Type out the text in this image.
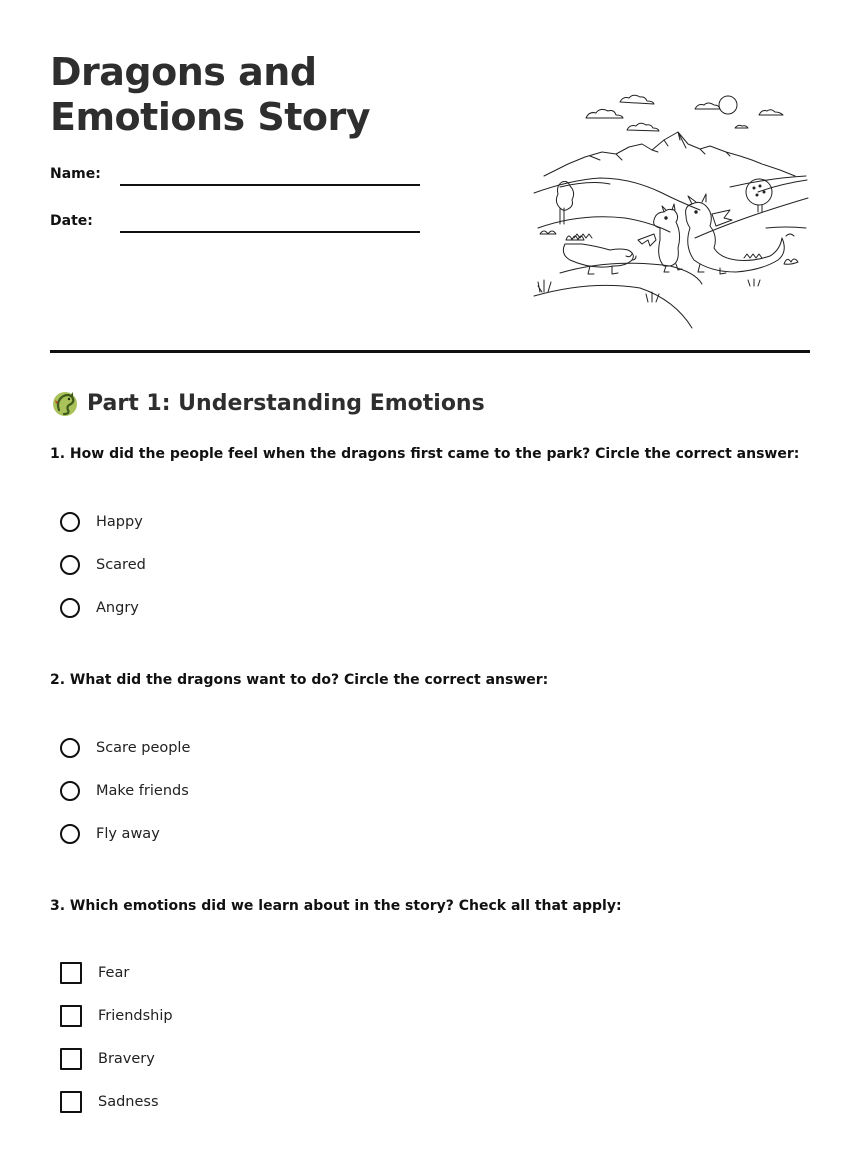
Dragons and Emotions Story
Name:
Date:
Part 1: Understanding Emotions

1. How did the people feel when the dragons first came to the park? Circle the correct answer:

Happy
Scared
Angry

2. What did the dragons want to do? Circle the correct answer:

Scare people
Make friends
Fly away

3. Which emotions did we learn about in the story? Check all that apply:

Fear
Friendship
Bravery
Sadness
